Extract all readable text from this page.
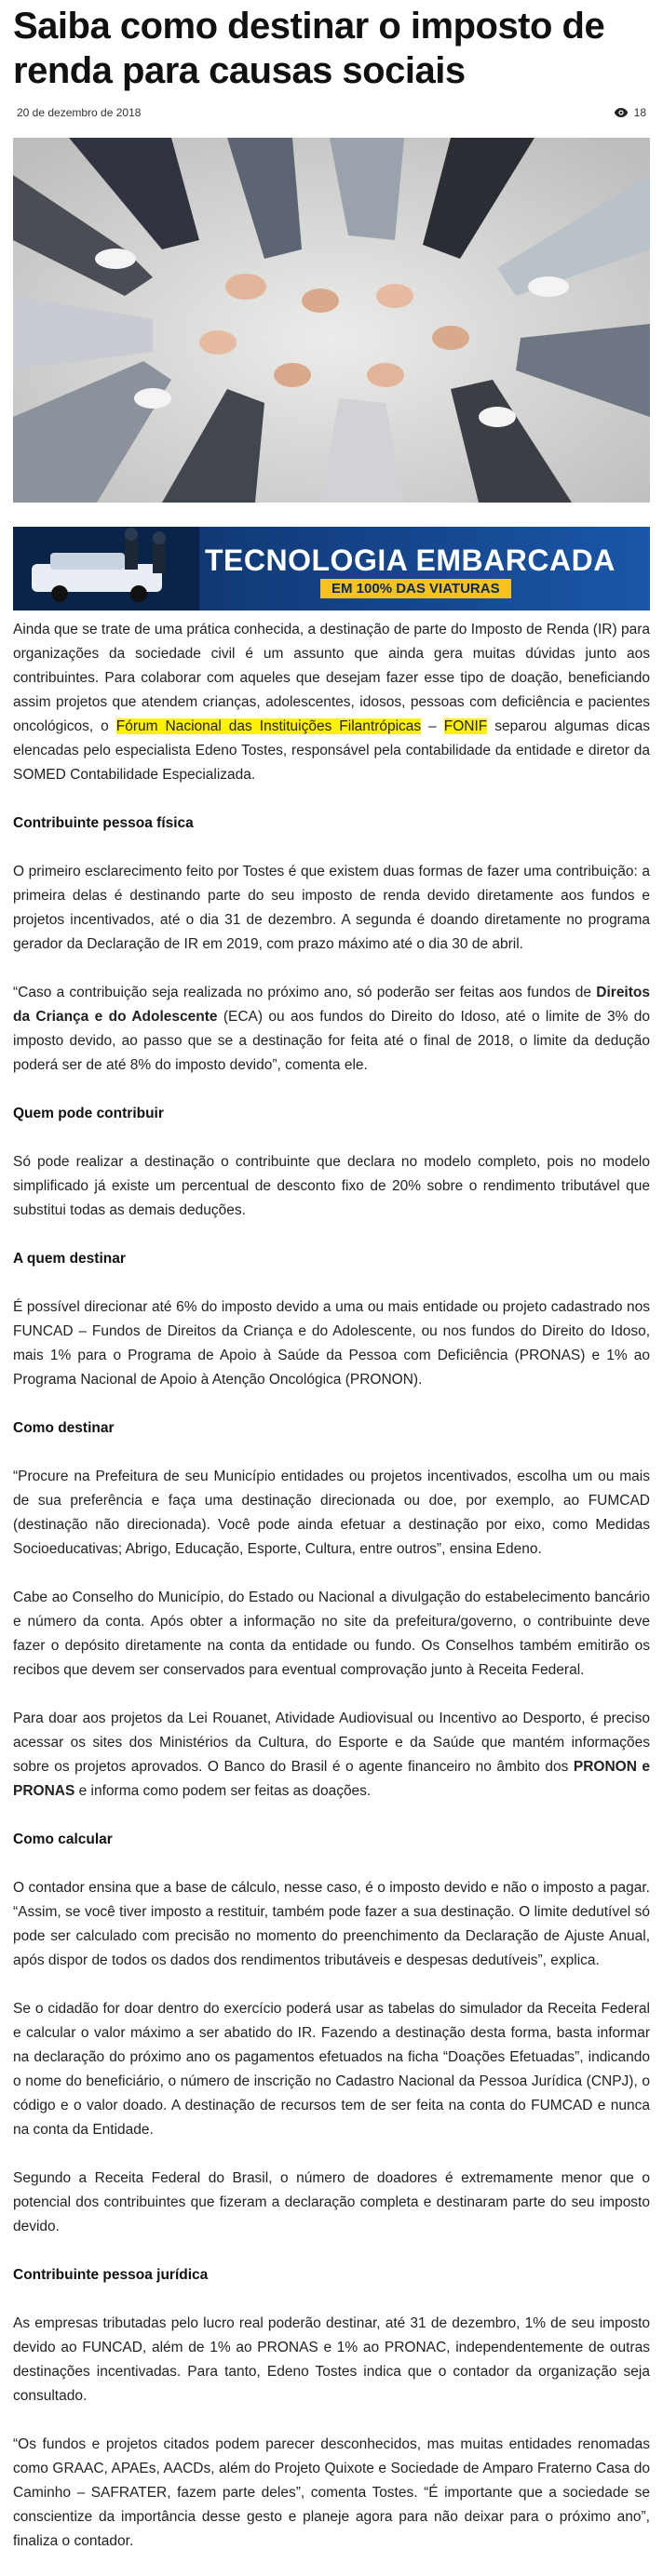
Saiba como destinar o imposto de renda para causas sociais
20 de dezembro de 2018	18
TECNOLOGIA EMBARCADA
EM 100% DAS VIATURAS

Ainda que se trate de uma prática conhecida, a destinação de parte do Imposto de Renda (IR) para organizações da sociedade civil é um assunto que ainda gera muitas dúvidas junto aos contribuintes. Para colaborar com aqueles que desejam fazer esse tipo de doação, beneficiando assim projetos que atendem crianças, adolescentes, idosos, pessoas com deficiência e pacientes oncológicos, o Fórum Nacional das Instituições Filantrópicas – FONIF separou algumas dicas elencadas pelo especialista Edeno Tostes, responsável pela contabilidade da entidade e diretor da SOMED Contabilidade Especializada.

Contribuinte pessoa física

O primeiro esclarecimento feito por Tostes é que existem duas formas de fazer uma contribuição: a primeira delas é destinando parte do seu imposto de renda devido diretamente aos fundos e projetos incentivados, até o dia 31 de dezembro. A segunda é doando diretamente no programa gerador da Declaração de IR em 2019, com prazo máximo até o dia 30 de abril.

“Caso a contribuição seja realizada no próximo ano, só poderão ser feitas aos fundos de Direitos da Criança e do Adolescente (ECA) ou aos fundos do Direito do Idoso, até o limite de 3% do imposto devido, ao passo que se a destinação for feita até o final de 2018, o limite da dedução poderá ser de até 8% do imposto devido”, comenta ele.

Quem pode contribuir

Só pode realizar a destinação o contribuinte que declara no modelo completo, pois no modelo simplificado já existe um percentual de desconto fixo de 20% sobre o rendimento tributável que substitui todas as demais deduções.

A quem destinar

É possível direcionar até 6% do imposto devido a uma ou mais entidade ou projeto cadastrado nos FUNCAD – Fundos de Direitos da Criança e do Adolescente, ou nos fundos do Direito do Idoso, mais 1% para o Programa de Apoio à Saúde da Pessoa com Deficiência (PRONAS) e 1% ao Programa Nacional de Apoio à Atenção Oncológica (PRONON).

Como destinar

“Procure na Prefeitura de seu Município entidades ou projetos incentivados, escolha um ou mais de sua preferência e faça uma destinação direcionada ou doe, por exemplo, ao FUMCAD (destinação não direcionada). Você pode ainda efetuar a destinação por eixo, como Medidas Socioeducativas; Abrigo, Educação, Esporte, Cultura, entre outros”, ensina Edeno.

Cabe ao Conselho do Município, do Estado ou Nacional a divulgação do estabelecimento bancário e número da conta. Após obter a informação no site da prefeitura/governo, o contribuinte deve fazer o depósito diretamente na conta da entidade ou fundo. Os Conselhos também emitirão os recibos que devem ser conservados para eventual comprovação junto à Receita Federal.

Para doar aos projetos da Lei Rouanet, Atividade Audiovisual ou Incentivo ao Desporto, é preciso acessar os sites dos Ministérios da Cultura, do Esporte e da Saúde que mantém informações sobre os projetos aprovados. O Banco do Brasil é o agente financeiro no âmbito dos PRONON e PRONAS e informa como podem ser feitas as doações.

Como calcular

O contador ensina que a base de cálculo, nesse caso, é o imposto devido e não o imposto a pagar. “Assim, se você tiver imposto a restituir, também pode fazer a sua destinação. O limite dedutível só pode ser calculado com precisão no momento do preenchimento da Declaração de Ajuste Anual, após dispor de todos os dados dos rendimentos tributáveis e despesas dedutíveis”, explica.

Se o cidadão for doar dentro do exercício poderá usar as tabelas do simulador da Receita Federal e calcular o valor máximo a ser abatido do IR. Fazendo a destinação desta forma, basta informar na declaração do próximo ano os pagamentos efetuados na ficha “Doações Efetuadas”, indicando o nome do beneficiário, o número de inscrição no Cadastro Nacional da Pessoa Jurídica (CNPJ), o código e o valor doado. A destinação de recursos tem de ser feita na conta do FUMCAD e nunca na conta da Entidade.

Segundo a Receita Federal do Brasil, o número de doadores é extremamente menor que o potencial dos contribuintes que fizeram a declaração completa e destinaram parte do seu imposto devido.

Contribuinte pessoa jurídica

As empresas tributadas pelo lucro real poderão destinar, até 31 de dezembro, 1% de seu imposto devido ao FUNCAD, além de 1% ao PRONAS e 1% ao PRONAC, independentemente de outras destinações incentivadas. Para tanto, Edeno Tostes indica que o contador da organização seja consultado.

“Os fundos e projetos citados podem parecer desconhecidos, mas muitas entidades renomadas como GRAAC, APAEs, AACDs, além do Projeto Quixote e Sociedade de Amparo Fraterno Casa do Caminho – SAFRATER, fazem parte deles”, comenta Tostes. “É importante que a sociedade se conscientize da importância desse gesto e planeje agora para não deixar para o próximo ano”, finaliza o contador.
